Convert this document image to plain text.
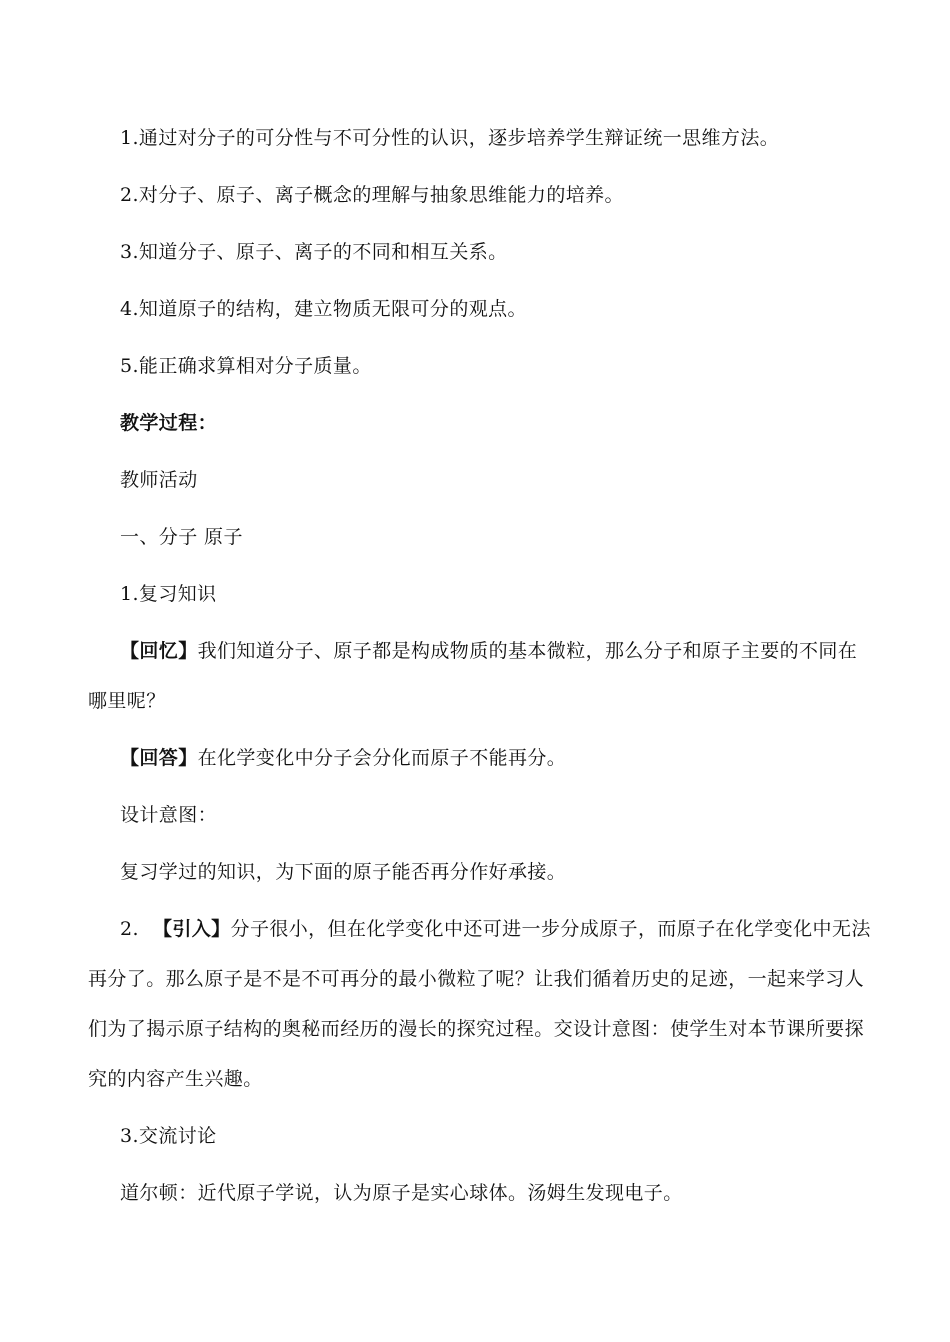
1.通过对分子的可分性与不可分性的认识，逐步培养学生辩证统一思维方法。
2.对分子、原子、离子概念的理解与抽象思维能力的培养。
3.知道分子、原子、离子的不同和相互关系。
4.知道原子的结构，建立物质无限可分的观点。
5.能正确求算相对分子质量。
教学过程：
教师活动
一、分子 原子
1.复习知识
【回忆】我们知道分子、原子都是构成物质的基本微粒，那么分子和原子主要的不同在
哪里呢？
【回答】在化学变化中分子会分化而原子不能再分。
设计意图：
复习学过的知识，为下面的原子能否再分作好承接。
2. 【引入】分子很小，但在化学变化中还可进一步分成原子，而原子在化学变化中无法
再分了。那么原子是不是不可再分的最小微粒了呢？让我们循着历史的足迹，一起来学习人
们为了揭示原子结构的奥秘而经历的漫长的探究过程。交设计意图：使学生对本节课所要探
究的内容产生兴趣。
3.交流讨论
道尔顿：近代原子学说，认为原子是实心球体。汤姆生发现电子。
